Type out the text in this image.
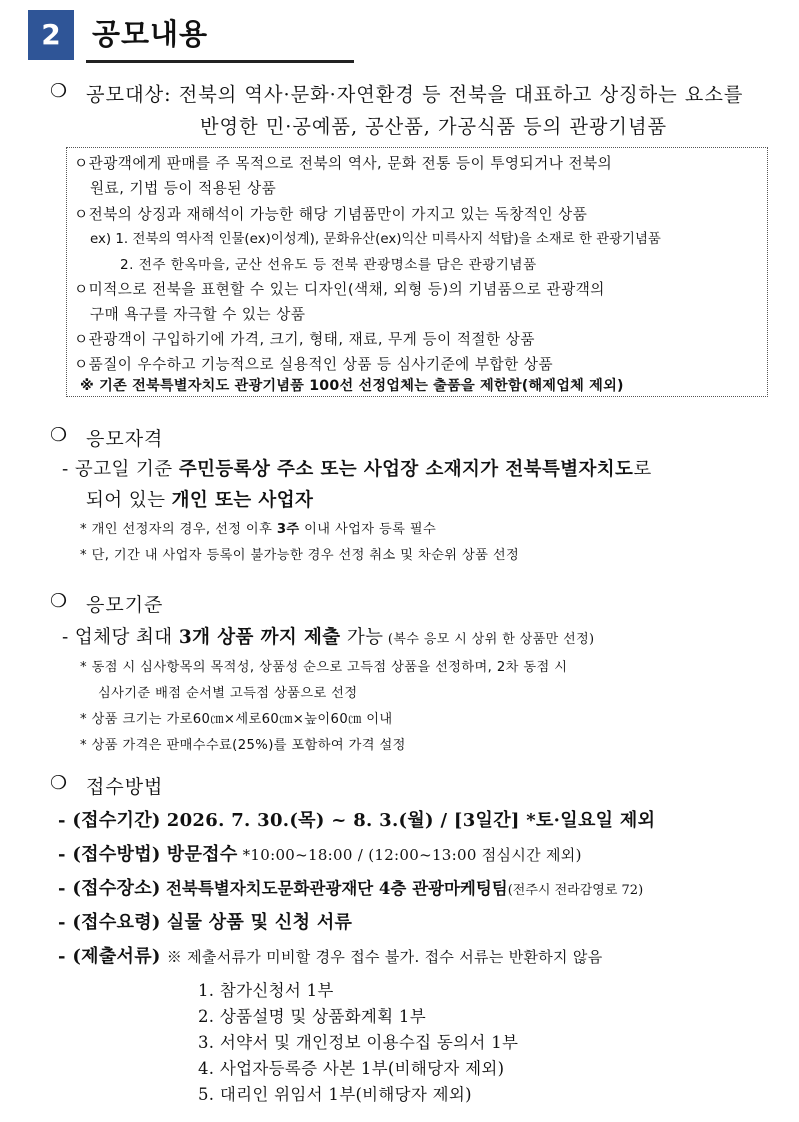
2	공모내용
❍ 공모대상: 전북의 역사·문화·자연환경 등 전북을 대표하고 상징하는 요소를
반영한 민·공예품, 공산품, 가공식품 등의 관광기념품
ㅇ관광객에게 판매를 주 목적으로 전북의 역사, 문화 전통 등이 투영되거나 전북의
원료, 기법 등이 적용된 상품
ㅇ전북의 상징과 재해석이 가능한 해당 기념품만이 가지고 있는 독창적인 상품
ex) 1. 전북의 역사적 인물(ex)이성계), 문화유산(ex)익산 미륵사지 석탑)을 소재로 한 관광기념품
2. 전주 한옥마을, 군산 선유도 등 전북 관광명소를 담은 관광기념품
ㅇ미적으로 전북을 표현할 수 있는 디자인(색채, 외형 등)의 기념품으로 관광객의
구매 욕구를 자극할 수 있는 상품
ㅇ관광객이 구입하기에 가격, 크기, 형태, 재료, 무게 등이 적절한 상품
ㅇ품질이 우수하고 기능적으로 실용적인 상품 등 심사기준에 부합한 상품
※ 기존 전북특별자치도 관광기념품 100선 선정업체는 출품을 제한함(해제업체 제외)
❍ 응모자격
- 공고일 기준 주민등록상 주소 또는 사업장 소재지가 전북특별자치도로
되어 있는 개인 또는 사업자
* 개인 선정자의 경우, 선정 이후 3주 이내 사업자 등록 필수
* 단, 기간 내 사업자 등록이 불가능한 경우 선정 취소 및 차순위 상품 선정
❍ 응모기준
- 업체당 최대 3개 상품 까지 제출 가능 (복수 응모 시 상위 한 상품만 선정)
* 동점 시 심사항목의 목적성, 상품성 순으로 고득점 상품을 선정하며, 2차 동점 시
심사기준 배점 순서별 고득점 상품으로 선정
* 상품 크기는 가로60㎝×세로60㎝×높이60㎝ 이내
* 상품 가격은 판매수수료(25%)를 포함하여 가격 설정
❍ 접수방법
- (접수기간) 2026. 7. 30.(목) ~ 8. 3.(월) / [3일간] *토·일요일 제외
- (접수방법) 방문접수 *10:00~18:00 / (12:00~13:00 점심시간 제외)
- (접수장소) 전북특별자치도문화관광재단 4층 관광마케팅팀(전주시 전라감영로 72)
- (접수요령) 실물 상품 및 신청 서류
- (제출서류) ※ 제출서류가 미비할 경우 접수 불가. 접수 서류는 반환하지 않음
1. 참가신청서 1부
2. 상품설명 및 상품화계획 1부
3. 서약서 및 개인정보 이용수집 동의서 1부
4. 사업자등록증 사본 1부(비해당자 제외)
5. 대리인 위임서 1부(비해당자 제외)
